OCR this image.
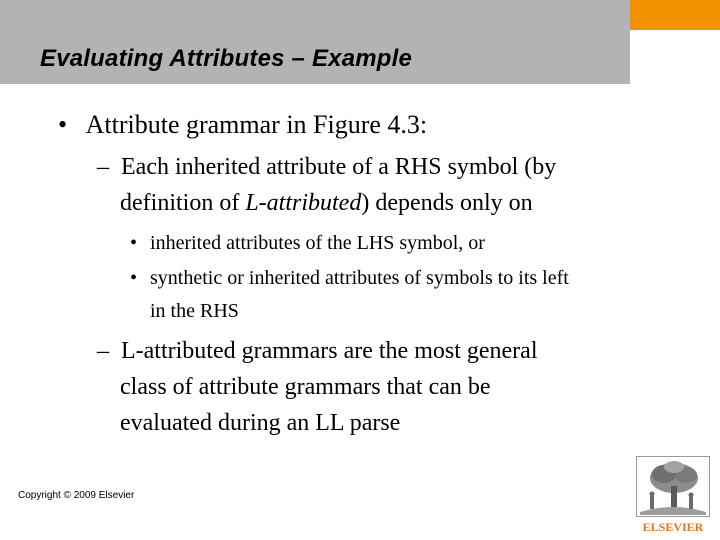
Evaluating Attributes – Example

• Attribute grammar in Figure 4.3:

– Each inherited attribute of a RHS symbol (by

definition of L-attributed) depends only on

• inherited attributes of the LHS symbol, or

• synthetic or inherited attributes of symbols to its left

in the RHS

– L-attributed grammars are the most general

class of attribute grammars that can be

evaluated during an LL parse

Copyright © 2009 Elsevier

ELSEVIER
